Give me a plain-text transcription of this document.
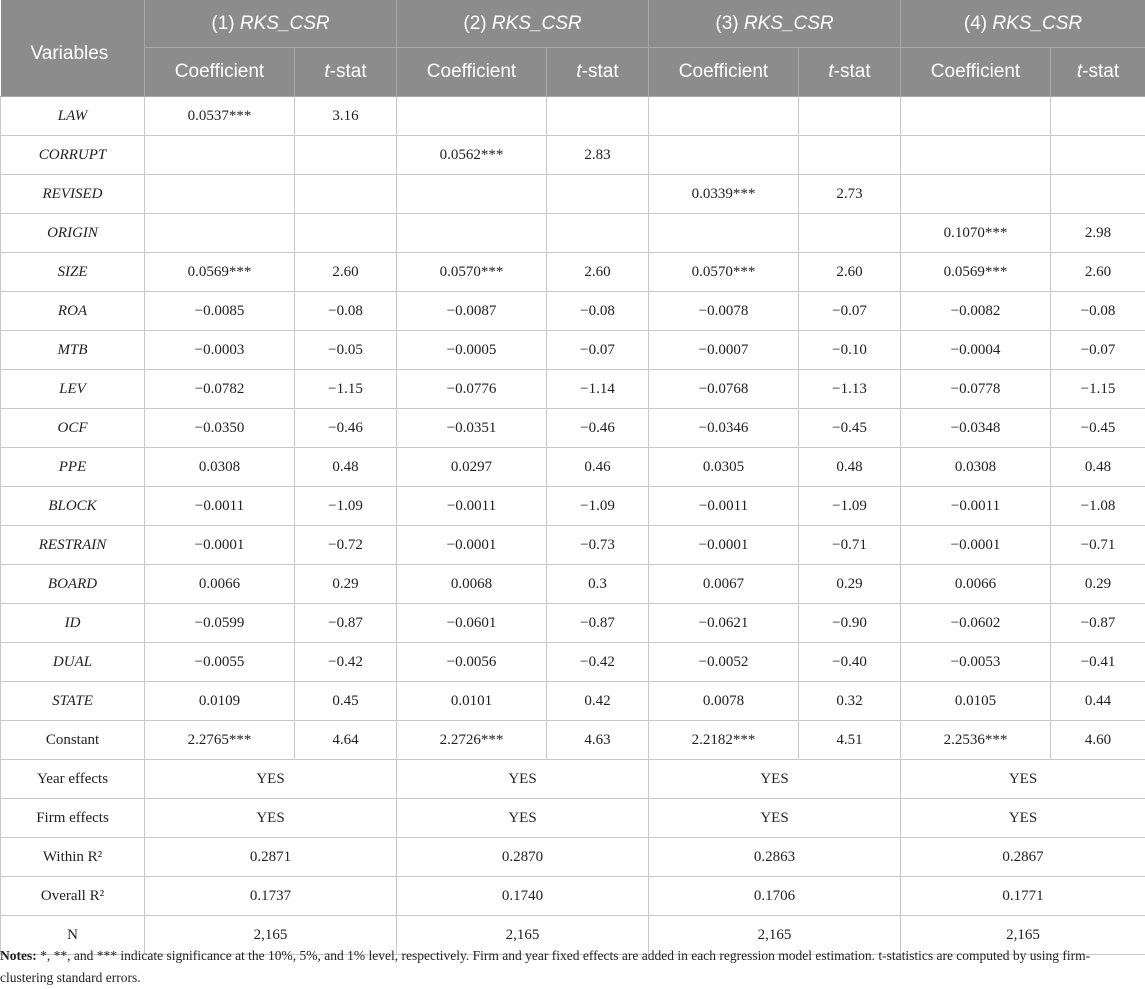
Variables	(1) RKS_CSR		(2) RKS_CSR		(3) RKS_CSR		(4) RKS_CSR	
	Coefficient	t-stat	Coefficient	t-stat	Coefficient	t-stat	Coefficient	t-stat
LAW	0.0537***	3.16						
CORRUPT			0.0562***	2.83				
REVISED					0.0339***	2.73		
ORIGIN							0.1070***	2.98
SIZE	0.0569***	2.60	0.0570***	2.60	0.0570***	2.60	0.0569***	2.60
ROA	−0.0085	−0.08	−0.0087	−0.08	−0.0078	−0.07	−0.0082	−0.08
MTB	−0.0003	−0.05	−0.0005	−0.07	−0.0007	−0.10	−0.0004	−0.07
LEV	−0.0782	−1.15	−0.0776	−1.14	−0.0768	−1.13	−0.0778	−1.15
OCF	−0.0350	−0.46	−0.0351	−0.46	−0.0346	−0.45	−0.0348	−0.45
PPE	0.0308	0.48	0.0297	0.46	0.0305	0.48	0.0308	0.48
BLOCK	−0.0011	−1.09	−0.0011	−1.09	−0.0011	−1.09	−0.0011	−1.08
RESTRAIN	−0.0001	−0.72	−0.0001	−0.73	−0.0001	−0.71	−0.0001	−0.71
BOARD	0.0066	0.29	0.0068	0.3	0.0067	0.29	0.0066	0.29
ID	−0.0599	−0.87	−0.0601	−0.87	−0.0621	−0.90	−0.0602	−0.87
DUAL	−0.0055	−0.42	−0.0056	−0.42	−0.0052	−0.40	−0.0053	−0.41
STATE	0.0109	0.45	0.0101	0.42	0.0078	0.32	0.0105	0.44
Constant	2.2765***	4.64	2.2726***	4.63	2.2182***	4.51	2.2536***	4.60
Year effects	YES		YES		YES		YES	
Firm effects	YES		YES		YES		YES	
Within R²	0.2871		0.2870		0.2863		0.2867	
Overall R²	0.1737		0.1740		0.1706		0.1771	
N	2,165		2,165		2,165		2,165	
Notes: *, **, and *** indicate significance at the 10%, 5%, and 1% level, respectively. Firm and year fixed effects are added in each regression model estimation. t-statistics are computed by using firm-clustering standard errors.
